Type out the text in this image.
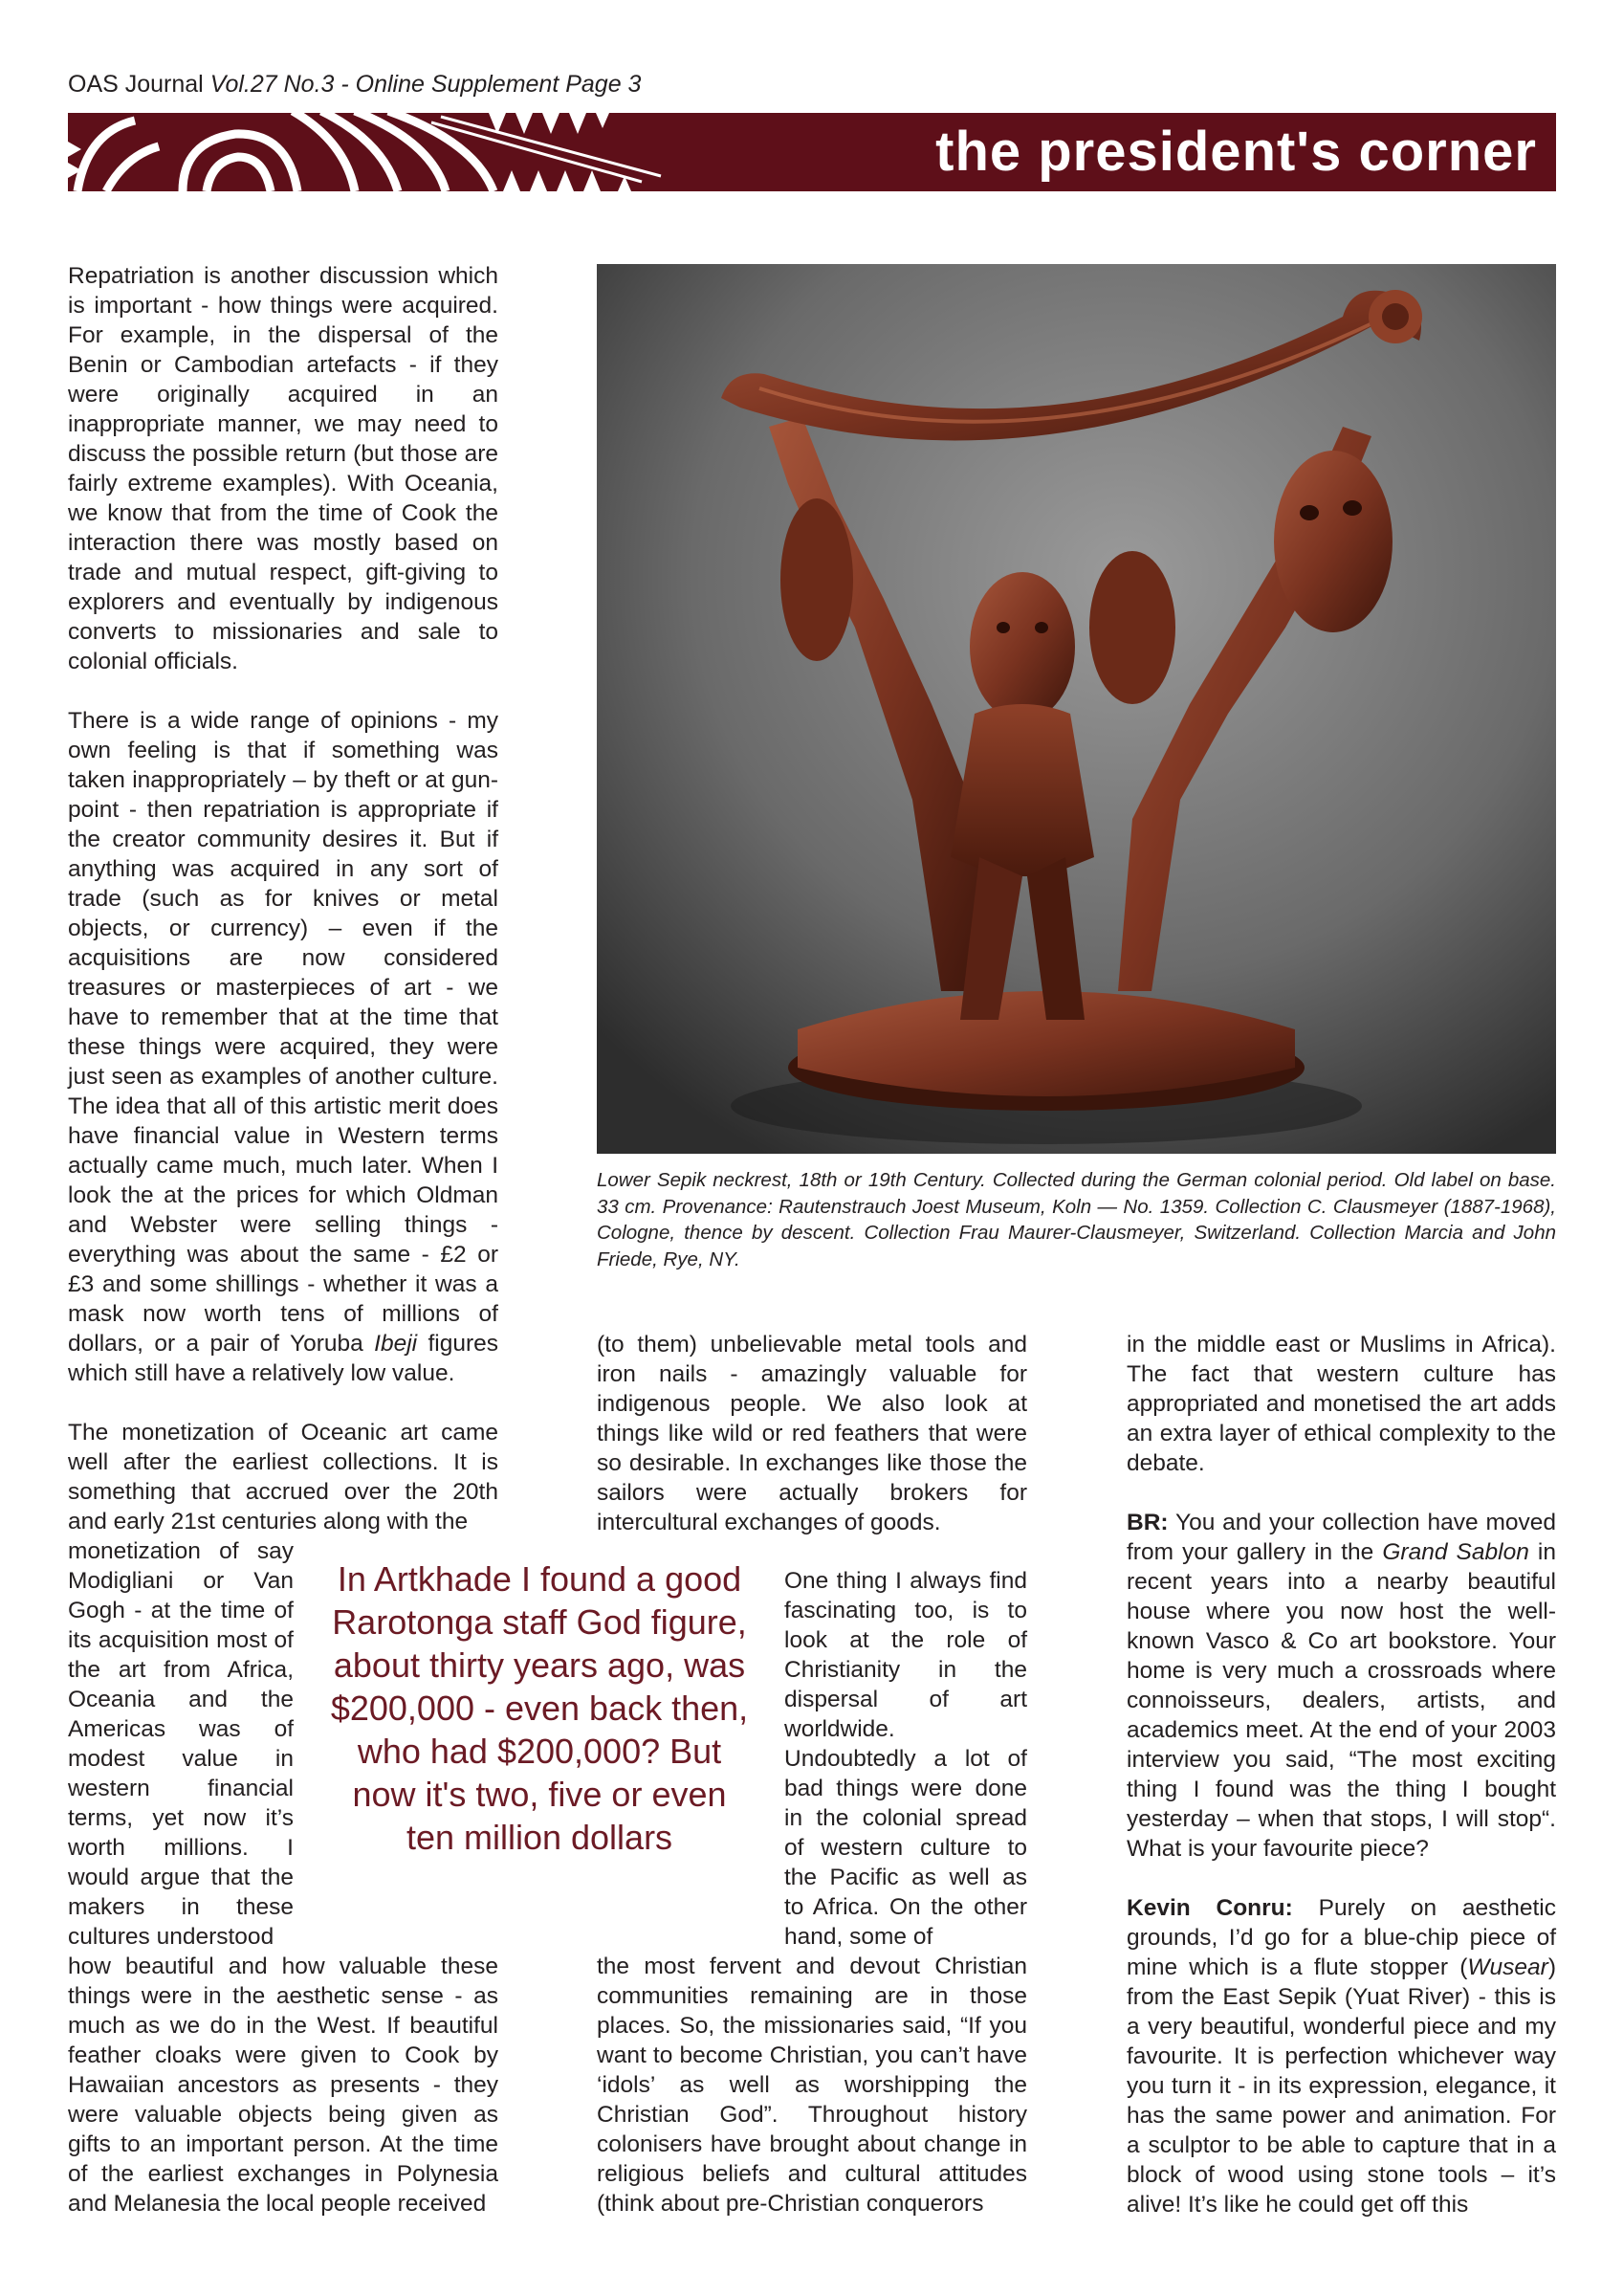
OAS Journal Vol.27 No.3 - Online Supplement Page 3
the president's corner

Repatriation is another discussion which is important - how things were acquired. For example, in the dispersal of the Benin or Cambodian artefacts - if they were originally acquired in an inappropriate manner, we may need to discuss the possible return (but those are fairly extreme examples). With Oceania, we know that from the time of Cook the interaction there was mostly based on trade and mutual respect, gift-giving to explorers and eventually by indigenous converts to missionaries and sale to colonial officials.

There is a wide range of opinions - my own feeling is that if something was taken inappropriately – by theft or at gun-point - then repatriation is appropriate if the creator community desires it. But if anything was acquired in any sort of trade (such as for knives or metal objects, or currency) – even if the acquisitions are now considered treasures or masterpieces of art - we have to remember that at the time that these things were acquired, they were just seen as examples of another culture. The idea that all of this artistic merit does have financial value in Western terms actually came much, much later. When I look the at the prices for which Oldman and Webster were selling things - everything was about the same - £2 or £3 and some shillings - whether it was a mask now worth tens of millions of dollars, or a pair of Yoruba Ibeji figures which still have a relatively low value.

The monetization of Oceanic art came well after the earliest collections. It is something that accrued over the 20th and early 21st centuries along with the

monetization of say Modigliani or Van Gogh - at the time of its acquisition most of the art from Africa, Oceania and the Americas was of modest value in western financial terms, yet now it’s worth millions. I would argue that the makers in these cultures understood

how beautiful and how valuable these things were in the aesthetic sense - as much as we do in the West. If beautiful feather cloaks were given to Cook by Hawaiian ancestors as presents - they were valuable objects being given as gifts to an important person. At the time of the earliest exchanges in Polynesia and Melanesia the local people received

Lower Sepik neckrest, 18th or 19th Century. Collected during the German colonial period. Old label on base. 33 cm. Provenance: Rautenstrauch Joest Museum, Koln — No. 1359. Collection C. Clausmeyer (1887-1968), Cologne, thence by descent. Collection Frau Maurer-Clausmeyer, Switzerland. Collection Marcia and John Friede, Rye, NY.

(to them) unbelievable metal tools and iron nails - amazingly valuable for indigenous people. We also look at things like wild or red feathers that were so desirable. In exchanges like those the sailors were actually brokers for intercultural exchanges of goods.

One thing I always find fascinating too, is to look at the role of Christianity in the dispersal of art worldwide. Undoubtedly a lot of bad things were done in the colonial spread of western culture to the Pacific as well as to Africa. On the other hand, some of

the most fervent and devout Christian communities remaining are in those places. So, the missionaries said, “If you want to become Christian, you can’t have ‘idols’ as well as worshipping the Christian God”. Throughout history colonisers have brought about change in religious beliefs and cultural attitudes (think about pre-Christian conquerors

In Artkhade I found a good Rarotonga staff God figure, about thirty years ago, was $200,000 - even back then, who had $200,000? But now it's two, five or even ten million dollars

in the middle east or Muslims in Africa). The fact that western culture has appropriated and monetised the art adds an extra layer of ethical complexity to the debate.

BR: You and your collection have moved from your gallery in the Grand Sablon in recent years into a nearby beautiful house where you now host the well-known Vasco & Co art bookstore. Your home is very much a crossroads where connoisseurs, dealers, artists, and academics meet. At the end of your 2003 interview you said, “The most exciting thing I found was the thing I bought yesterday – when that stops, I will stop“. What is your favourite piece?

Kevin Conru: Purely on aesthetic grounds, I’d go for a blue-chip piece of mine which is a flute stopper (Wusear) from the East Sepik (Yuat River) - this is a very beautiful, wonderful piece and my favourite. It is perfection whichever way you turn it - in its expression, elegance, it has the same power and animation. For a sculptor to be able to capture that in a block of wood using stone tools – it’s alive! It’s like he could get off this
